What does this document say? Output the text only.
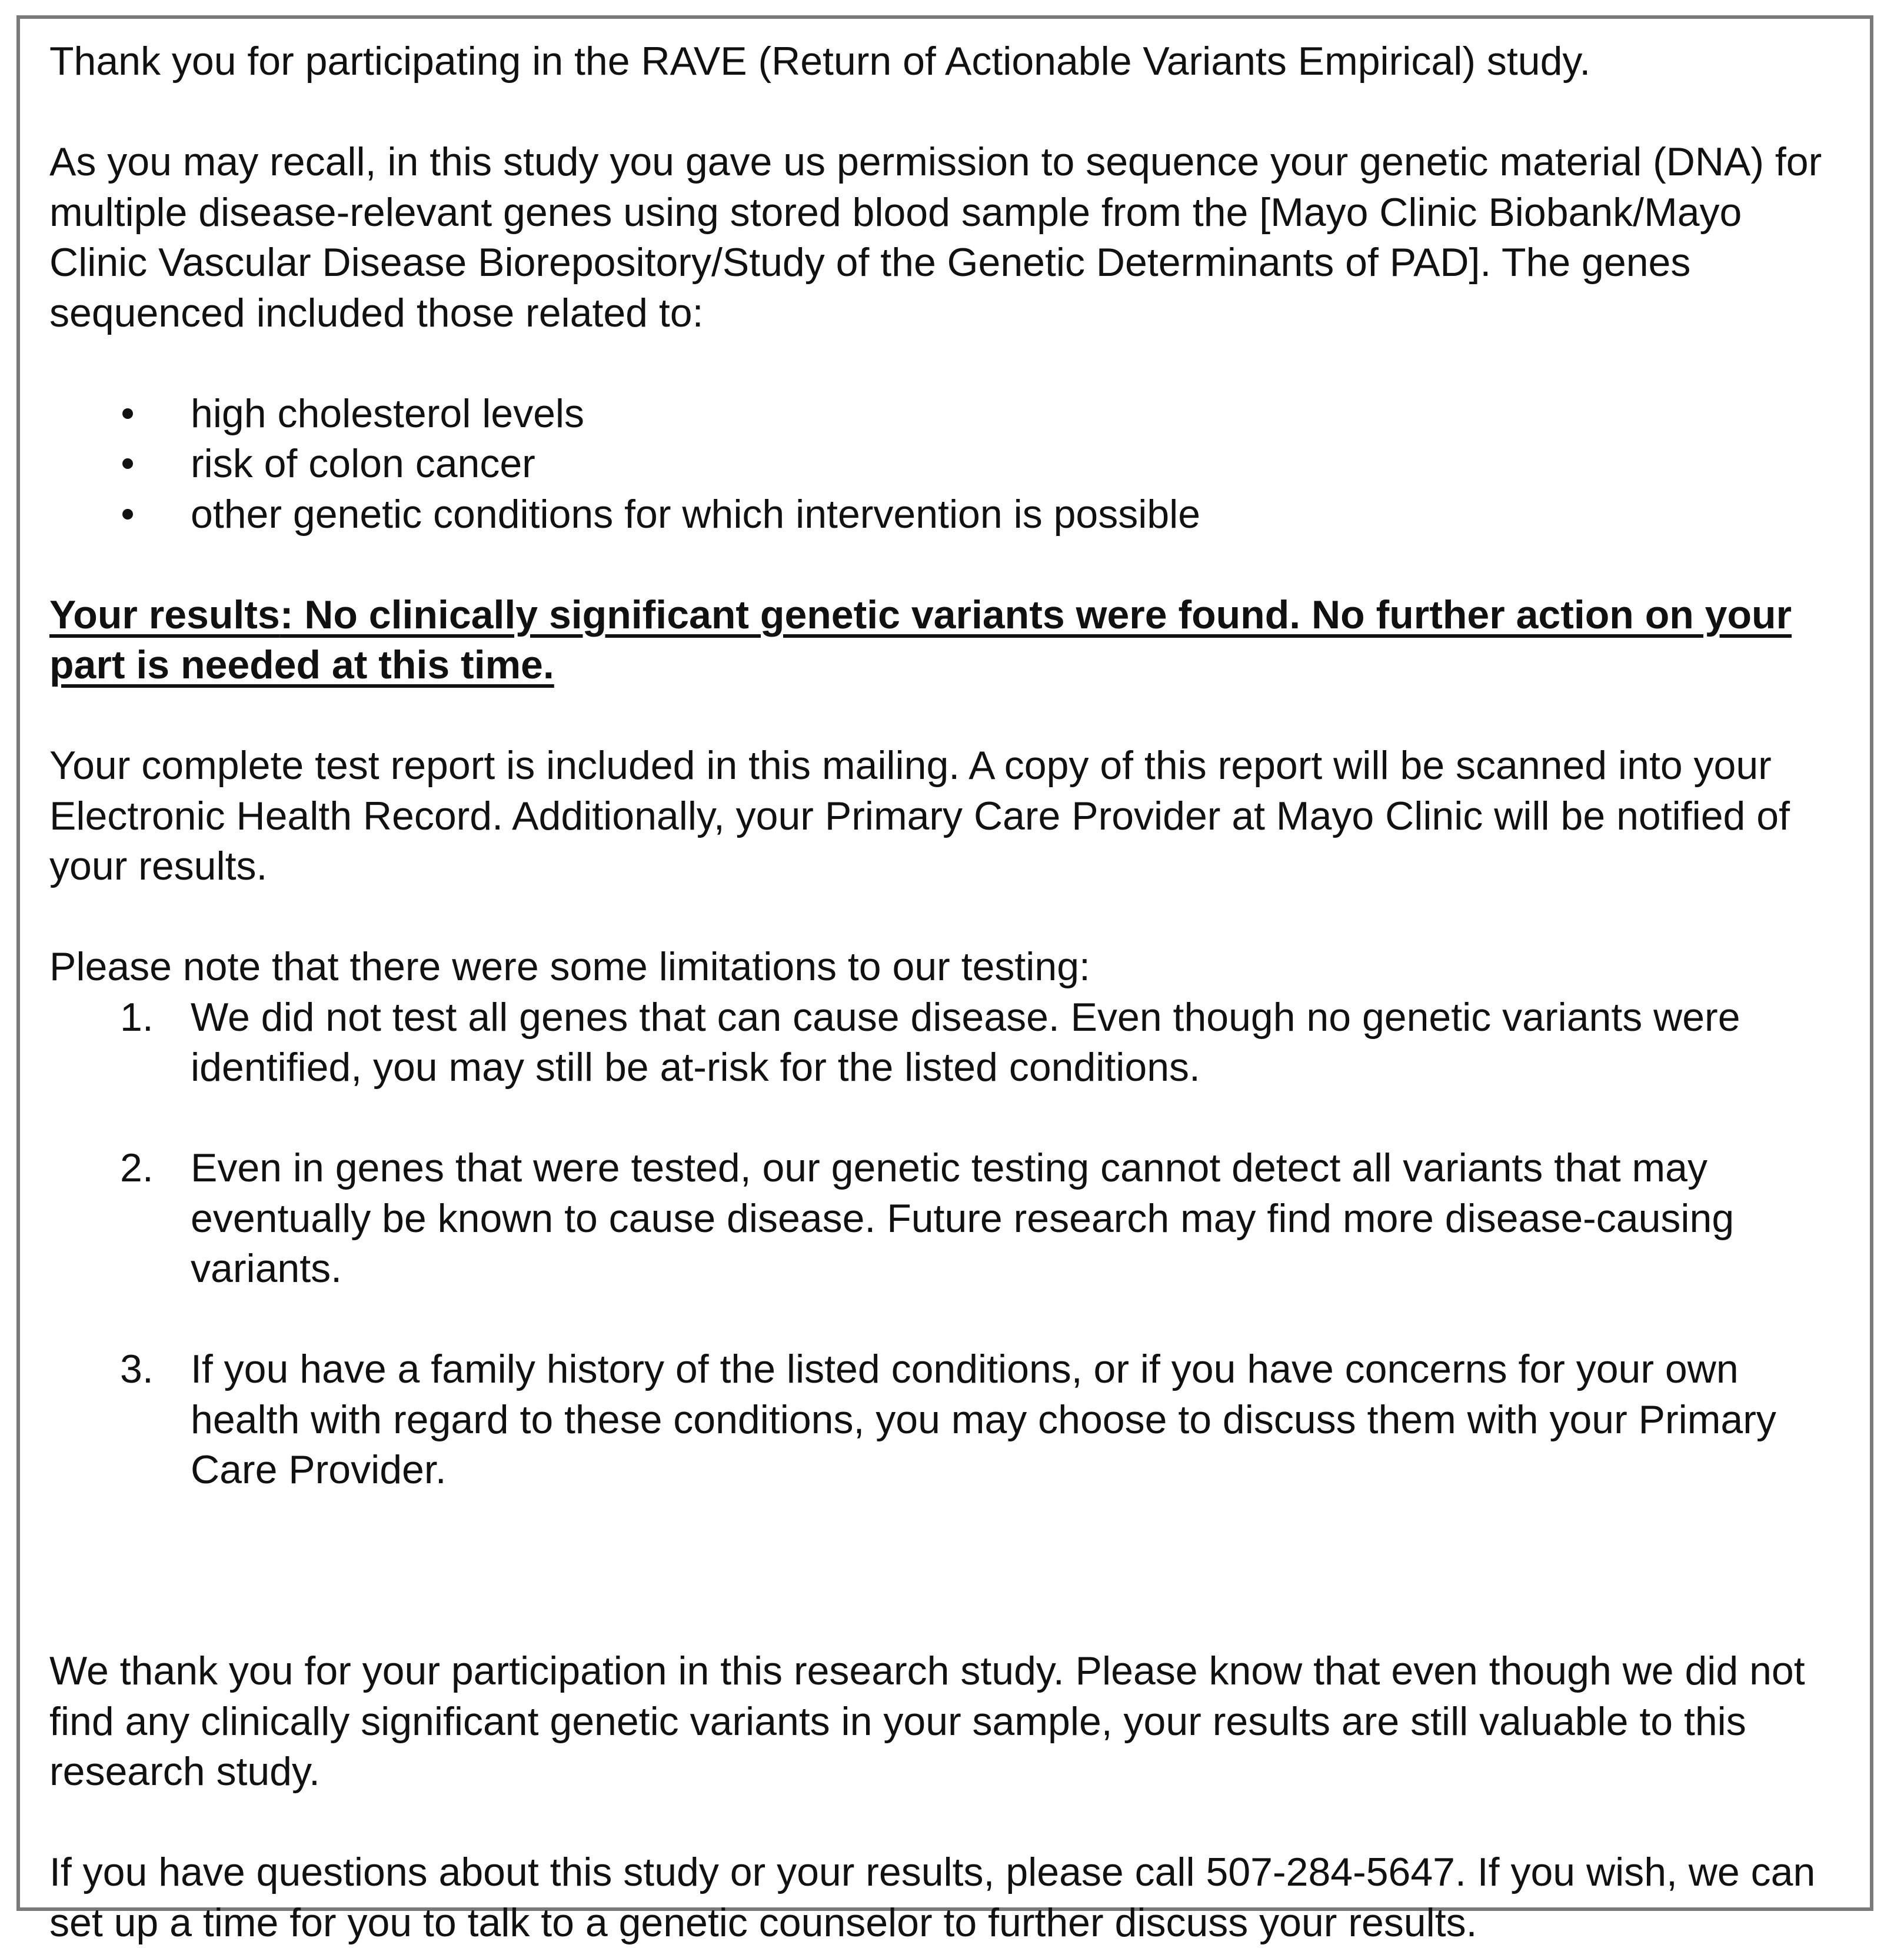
Thank you for participating in the RAVE (Return of Actionable Variants Empirical) study.

As you may recall, in this study you gave us permission to sequence your genetic material (DNA) for multiple disease-relevant genes using stored blood sample from the [Mayo Clinic Biobank/Mayo Clinic Vascular Disease Biorepository/Study of the Genetic Determinants of PAD]. The genes sequenced included those related to:

high cholesterol levels
risk of colon cancer
other genetic conditions for which intervention is possible

Your results: No clinically significant genetic variants were found. No further action on your part is needed at this time.

Your complete test report is included in this mailing. A copy of this report will be scanned into your Electronic Health Record. Additionally, your Primary Care Provider at Mayo Clinic will be notified of your results.

Please note that there were some limitations to our testing:

1. We did not test all genes that can cause disease. Even though no genetic variants were identified, you may still be at-risk for the listed conditions.
2. Even in genes that were tested, our genetic testing cannot detect all variants that may eventually be known to cause disease. Future research may find more disease-causing variants.
3. If you have a family history of the listed conditions, or if you have concerns for your own health with regard to these conditions, you may choose to discuss them with your Primary Care Provider.

We thank you for your participation in this research study. Please know that even though we did not find any clinically significant genetic variants in your sample, your results are still valuable to this research study.

If you have questions about this study or your results, please call 507-284-5647. If you wish, we can set up a time for you to talk to a genetic counselor to further discuss your results.
